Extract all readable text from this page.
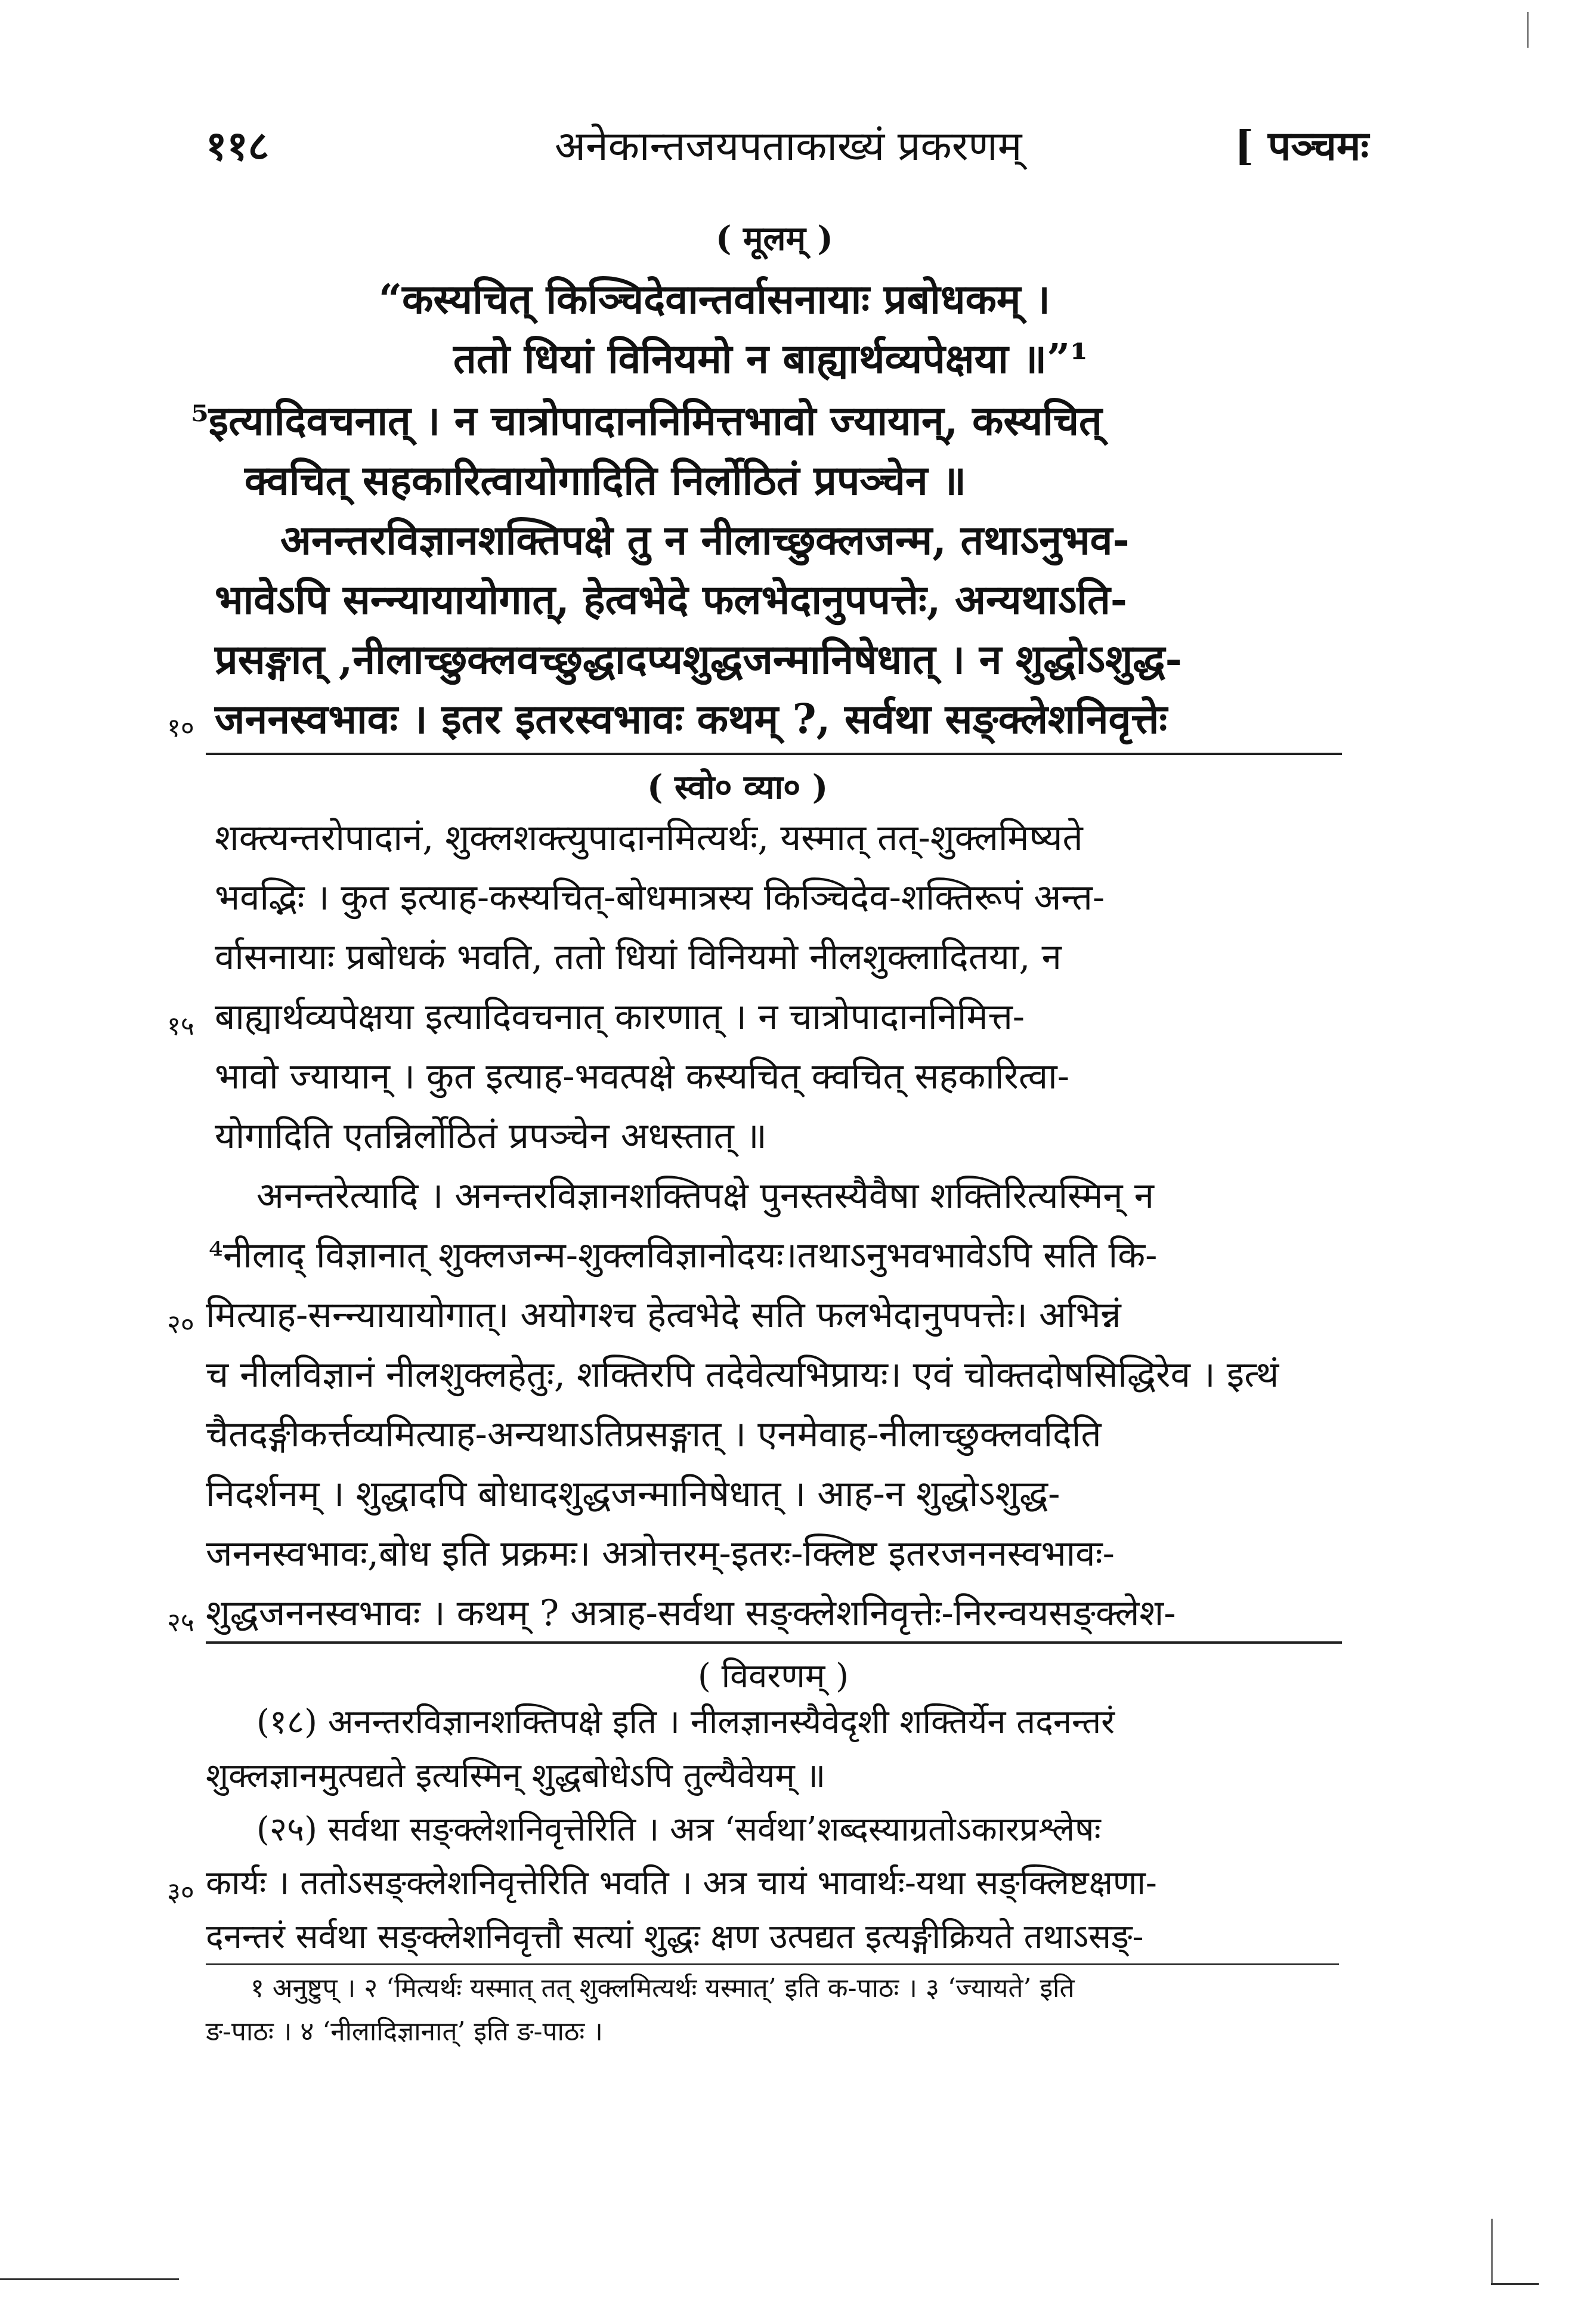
११८	अनेकान्तजयपताकाख्यं प्रकरणम्	[ पञ्चमः
( मूलम् )
“कस्यचित् किञ्चिदेवान्तर्वासनायाः प्रबोधकम् ।
ततो धियां विनियमो न बाह्यार्थव्यपेक्षया ॥”¹
⁵इत्यादिवचनात् । न चात्रोपादाननिमित्तभावो ज्यायान्, कस्यचित्
क्वचित् सहकारित्वायोगादिति निर्लोठितं प्रपञ्चेन ॥
अनन्तरविज्ञानशक्तिपक्षे तु न नीलाच्छुक्लजन्म, तथाऽनुभव-
भावेऽपि सन्न्यायायोगात्, हेत्वभेदे फलभेदानुपपत्तेः, अन्यथाऽति-
प्रसङ्गात् ,नीलाच्छुक्लवच्छुद्धादप्यशुद्धजन्मानिषेधात् । न शुद्धोऽशुद्ध-
१० जननस्वभावः । इतर इतरस्वभावः कथम् ?, सर्वथा सङ्क्लेशनिवृत्तेः
( स्वो० व्या० )
शक्त्यन्तरोपादानं, शुक्लशक्त्युपादानमित्यर्थः, यस्मात् तत्-शुक्लमिष्यते
भवद्भिः । कुत इत्याह-कस्यचित्-बोधमात्रस्य किञ्चिदेव-शक्तिरूपं अन्त-
र्वासनायाः प्रबोधकं भवति, ततो धियां विनियमो नीलशुक्लादितया, न
१५ बाह्यार्थव्यपेक्षया इत्यादिवचनात् कारणात् । न चात्रोपादाननिमित्त-
भावो ज्यायान् । कुत इत्याह-भवत्पक्षे कस्यचित् क्वचित् सहकारित्वा-
योगादिति एतन्निर्लोठितं प्रपञ्चेन अधस्तात् ॥
अनन्तरेत्यादि । अनन्तरविज्ञानशक्तिपक्षे पुनस्तस्यैवैषा शक्तिरित्यस्मिन् न
⁴नीलाद् विज्ञानात् शुक्लजन्म-शुक्लविज्ञानोदयः।तथाऽनुभवभावेऽपि सति कि-
२० मित्याह-सन्न्यायायोगात्। अयोगश्च हेत्वभेदे सति फलभेदानुपपत्तेः। अभिन्नं
च नीलविज्ञानं नीलशुक्लहेतुः, शक्तिरपि तदेवेत्यभिप्रायः। एवं चोक्तदोषसिद्धिरेव । इत्थं
चैतदङ्गीकर्त्तव्यमित्याह-अन्यथाऽतिप्रसङ्गात् । एनमेवाह-नीलाच्छुक्लवदिति
निदर्शनम् । शुद्धादपि बोधादशुद्धजन्मानिषेधात् । आह-न शुद्धोऽशुद्ध-
जननस्वभावः,बोध इति प्रक्रमः। अत्रोत्तरम्-इतरः-क्लिष्ट इतरजननस्वभावः-
२५ शुद्धजननस्वभावः । कथम् ? अत्राह-सर्वथा सङ्क्लेशनिवृत्तेः-निरन्वयसङ्क्लेश-
( विवरणम् )
(१८) अनन्तरविज्ञानशक्तिपक्षे इति । नीलज्ञानस्यैवेदृशी शक्तिर्येन तदनन्तरं
शुक्लज्ञानमुत्पद्यते इत्यस्मिन् शुद्धबोधेऽपि तुल्यैवेयम् ॥
(२५) सर्वथा सङ्क्लेशनिवृत्तेरिति । अत्र ‘सर्वथा’शब्दस्याग्रतोऽकारप्रश्लेषः
३० कार्यः । ततोऽसङ्क्लेशनिवृत्तेरिति भवति । अत्र चायं भावार्थः-यथा सङ्क्लिष्टक्षणा-
दनन्तरं सर्वथा सङ्क्लेशनिवृत्तौ सत्यां शुद्धः क्षण उत्पद्यत इत्यङ्गीक्रियते तथाऽसङ्-
१ अनुष्टुप् । २ ‘मित्यर्थः यस्मात् तत् शुक्लमित्यर्थः यस्मात्’ इति क-पाठः । ३ ‘ज्यायते’ इति
ङ-पाठः । ४ ‘नीलादिज्ञानात्’ इति ङ-पाठः ।
